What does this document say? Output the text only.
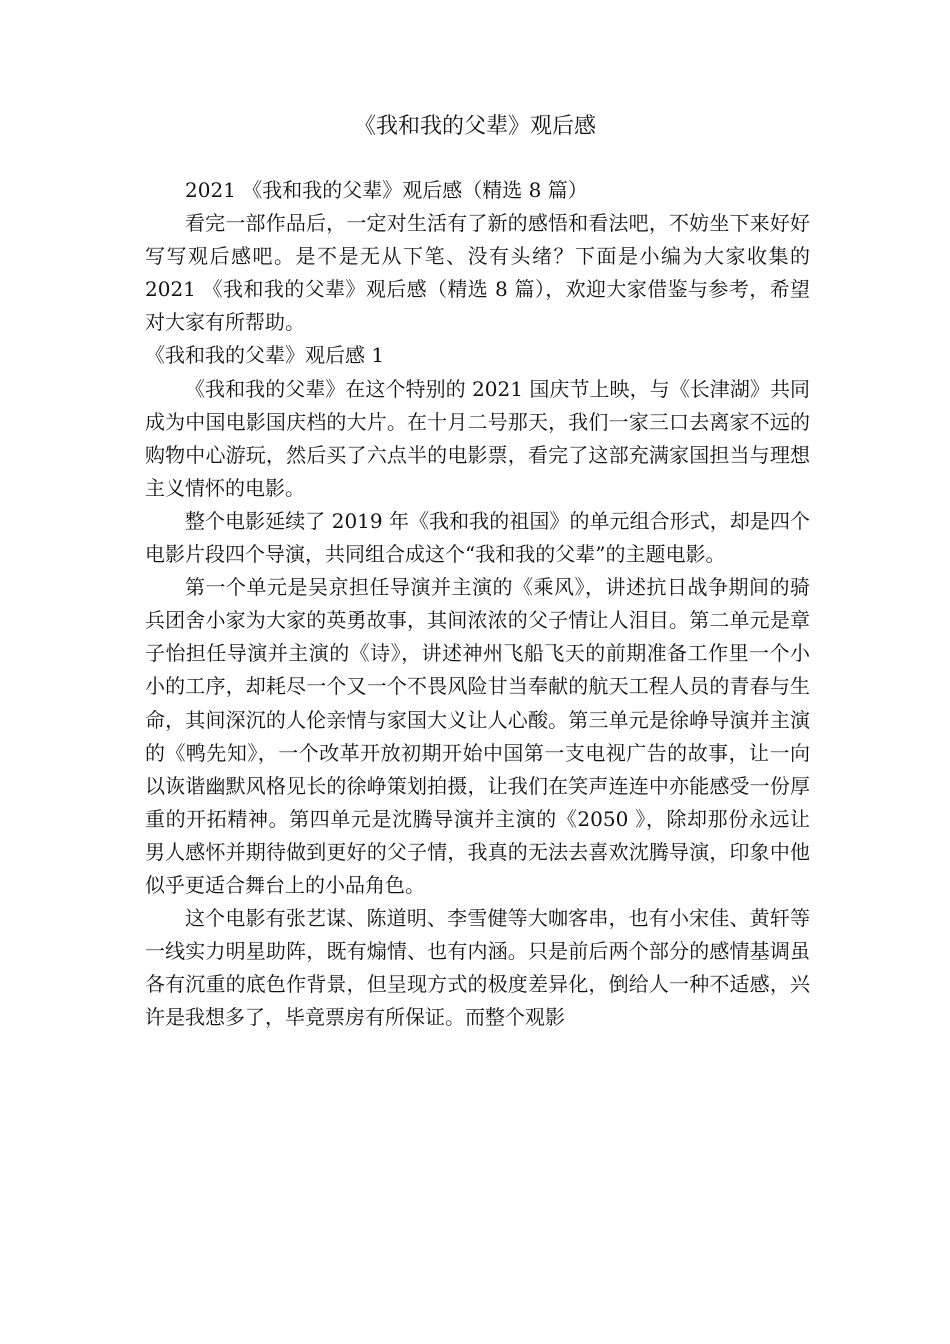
《我和我的父辈》观后感

2021 《我和我的父辈》观后感（精选 8 篇）

看完一部作品后，一定对生活有了新的感悟和看法吧，不妨坐下来好好写写观后感吧。是不是无从下笔、没有头绪？下面是小编为大家收集的 2021 《我和我的父辈》观后感（精选 8 篇），欢迎大家借鉴与参考，希望对大家有所帮助。

《我和我的父辈》观后感 1

《我和我的父辈》在这个特别的 2021 国庆节上映，与《长津湖》共同成为中国电影国庆档的大片。在十月二号那天，我们一家三口去离家不远的购物中心游玩，然后买了六点半的电影票，看完了这部充满家国担当与理想主义情怀的电影。

整个电影延续了 2019 年《我和我的祖国》的单元组合形式，却是四个电影片段四个导演，共同组合成这个“我和我的父辈”的主题电影。

第一个单元是吴京担任导演并主演的《乘风》，讲述抗日战争期间的骑兵团舍小家为大家的英勇故事，其间浓浓的父子情让人泪目。第二单元是章子怡担任导演并主演的《诗》，讲述神州飞船飞天的前期准备工作里一个小小的工序，却耗尽一个又一个不畏风险甘当奉献的航天工程人员的青春与生命，其间深沉的人伦亲情与家国大义让人心酸。第三单元是徐峥导演并主演的《鸭先知》，一个改革开放初期开始中国第一支电视广告的故事，让一向以诙谐幽默风格见长的徐峥策划拍摄，让我们在笑声连连中亦能感受一份厚重的开拓精神。第四单元是沈腾导演并主演的《2050 》，除却那份永远让男人感怀并期待做到更好的父子情，我真的无法去喜欢沈腾导演，印象中他似乎更适合舞台上的小品角色。

这个电影有张艺谋、陈道明、李雪健等大咖客串，也有小宋佳、黄轩等一线实力明星助阵，既有煽情、也有内涵。只是前后两个部分的感情基调虽各有沉重的底色作背景，但呈现方式的极度差异化，倒给人一种不适感，兴许是我想多了，毕竟票房有所保证。而整个观影
